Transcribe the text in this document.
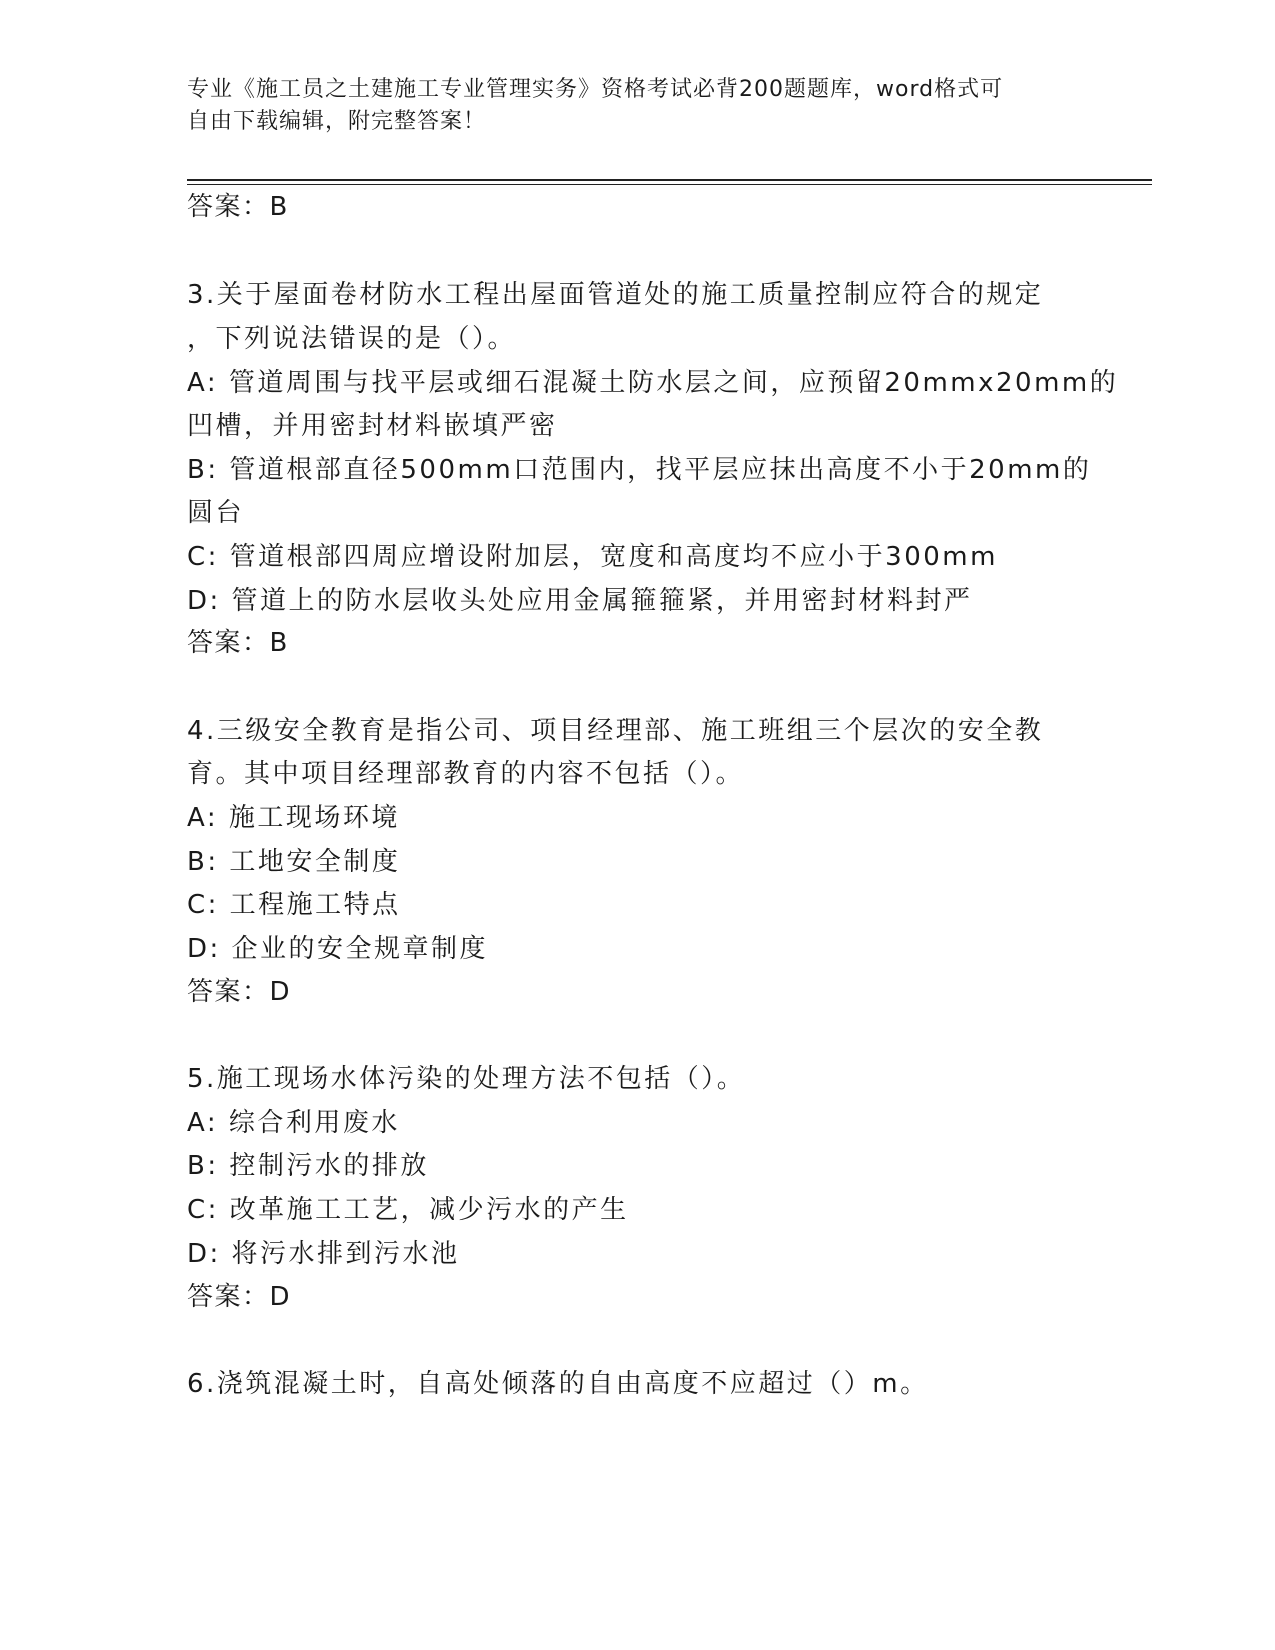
专业《施工员之土建施工专业管理实务》资格考试必背200题题库，word格式可
自由下载编辑，附完整答案！
答案：B
3.关于屋面卷材防水工程出屋面管道处的施工质量控制应符合的规定
，下列说法错误的是（）。
A: 管道周围与找平层或细石混凝土防水层之间，应预留20mmx20mm的
凹槽，并用密封材料嵌填严密
B: 管道根部直径500mm口范围内，找平层应抹出高度不小于20mm的
圆台
C: 管道根部四周应增设附加层，宽度和高度均不应小于300mm
D: 管道上的防水层收头处应用金属箍箍紧，并用密封材料封严
答案：B
4.三级安全教育是指公司、项目经理部、施工班组三个层次的安全教
育。其中项目经理部教育的内容不包括（）。
A: 施工现场环境
B: 工地安全制度
C: 工程施工特点
D: 企业的安全规章制度
答案：D
5.施工现场水体污染的处理方法不包括（）。
A: 综合利用废水
B: 控制污水的排放
C: 改革施工工艺，减少污水的产生
D: 将污水排到污水池
答案：D
6.浇筑混凝土时，自高处倾落的自由高度不应超过（）m。
